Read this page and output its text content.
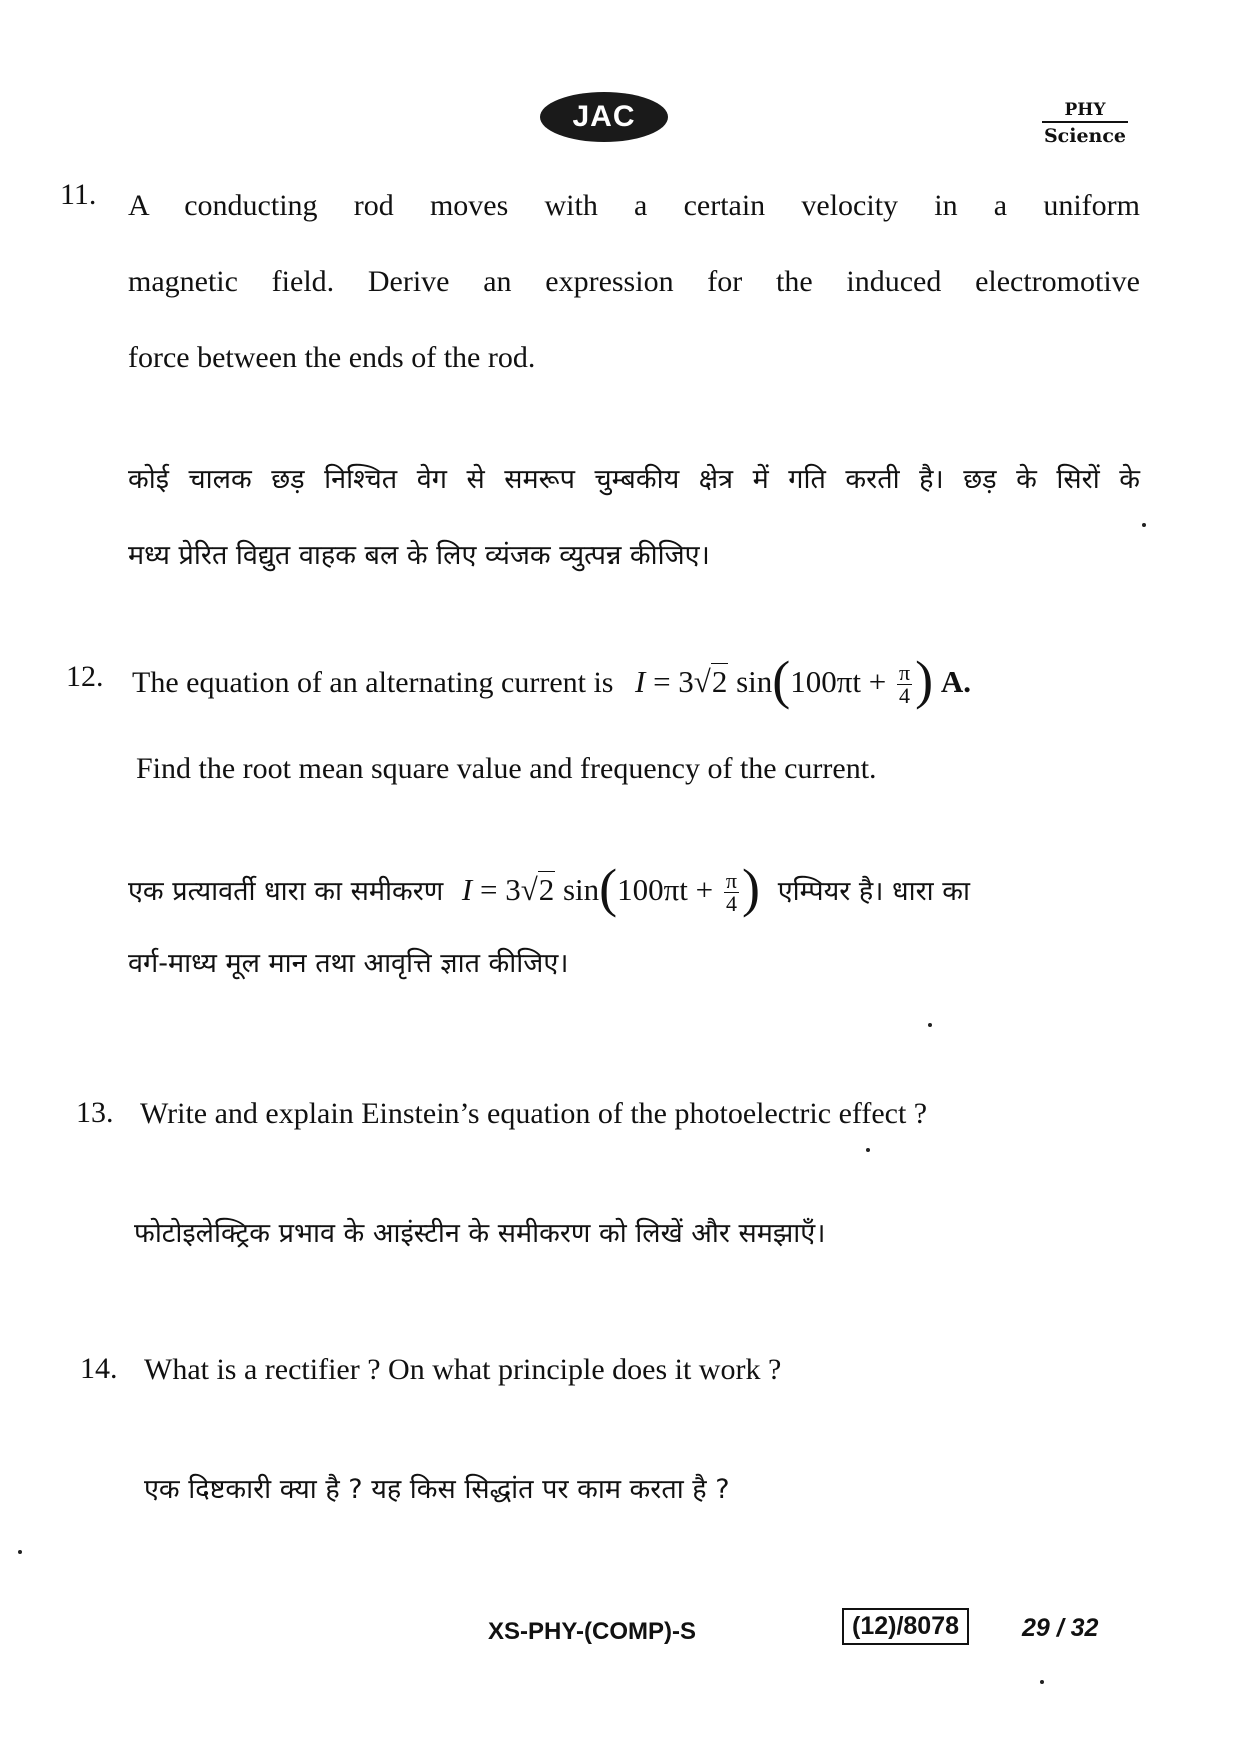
JAC	PHY
Science
11. A conducting rod moves with a certain velocity in a uniform
magnetic field. Derive an expression for the induced electromotive
force between the ends of the rod.
कोई चालक छड़ निश्चित वेग से समरूप चुम्बकीय क्षेत्र में गति करती है। छड़ के सिरों के
मध्य प्रेरित विद्युत वाहक बल के लिए व्यंजक व्युत्पन्न कीजिए।
12. The equation of an alternating current is I = 3√2 $\sin(100\pi t + \frac{\pi}{4}$ ) A.
Find the root mean square value and frequency of the current.
एक प्रत्यावर्ती धारा का समीकरण I = 3√2 $\sin(100\pi t + \frac{\pi}{4}$ ) एम्पियर है। धारा का
वर्ग-माध्य मूल मान तथा आवृत्ति ज्ञात कीजिए।
13. Write and explain Einstein’s equation of the photoelectric effect ?
फोटोइलेक्ट्रिक प्रभाव के आइंस्टीन के समीकरण को लिखें और समझाएँ।
14. What is a rectifier ? On what principle does it work ?
एक दिष्टकारी क्या है ? यह किस सिद्धांत पर काम करता है ?
XS-PHY-(COMP)-S	(12)/8078	29 / 32
